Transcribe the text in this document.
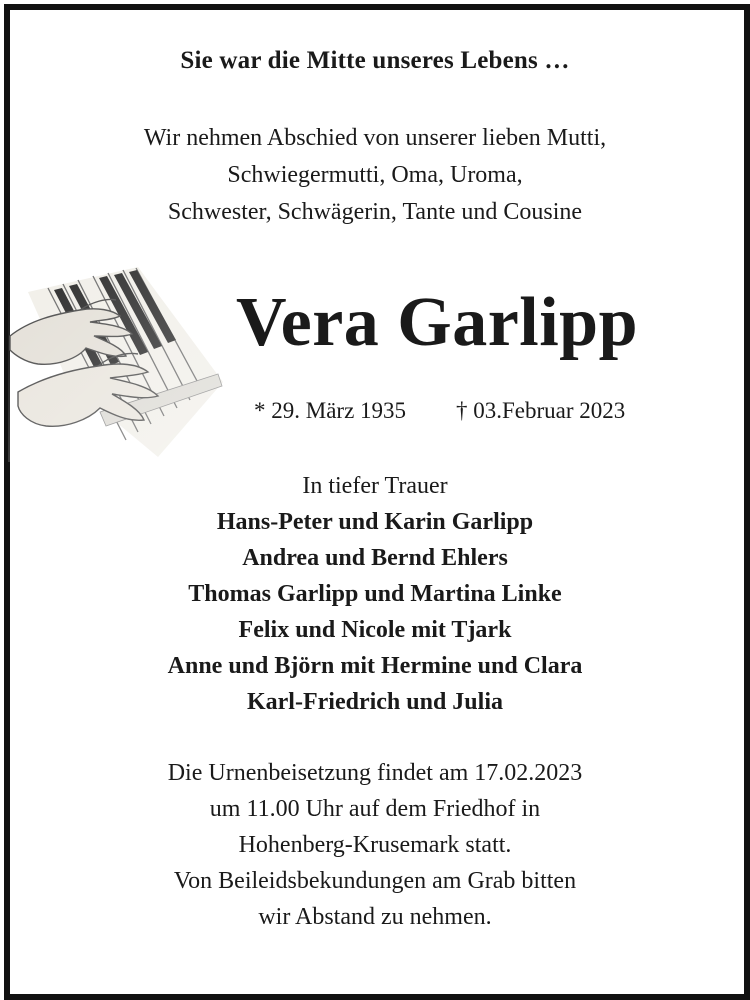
Sie war die Mitte unseres Lebens …
Wir nehmen Abschied von unserer lieben Mutti,
Schwiegermutti, Oma, Uroma,
Schwester, Schwägerin, Tante und Cousine
Vera Garlipp
* 29. März 1935 † 03.Februar 2023
In tiefer Trauer
Hans-Peter und Karin Garlipp
Andrea und Bernd Ehlers
Thomas Garlipp und Martina Linke
Felix und Nicole mit Tjark
Anne und Björn mit Hermine und Clara
Karl-Friedrich und Julia
Die Urnenbeisetzung findet am 17.02.2023
um 11.00 Uhr auf dem Friedhof in
Hohenberg-Krusemark statt.
Von Beileidsbekundungen am Grab bitten
wir Abstand zu nehmen.
